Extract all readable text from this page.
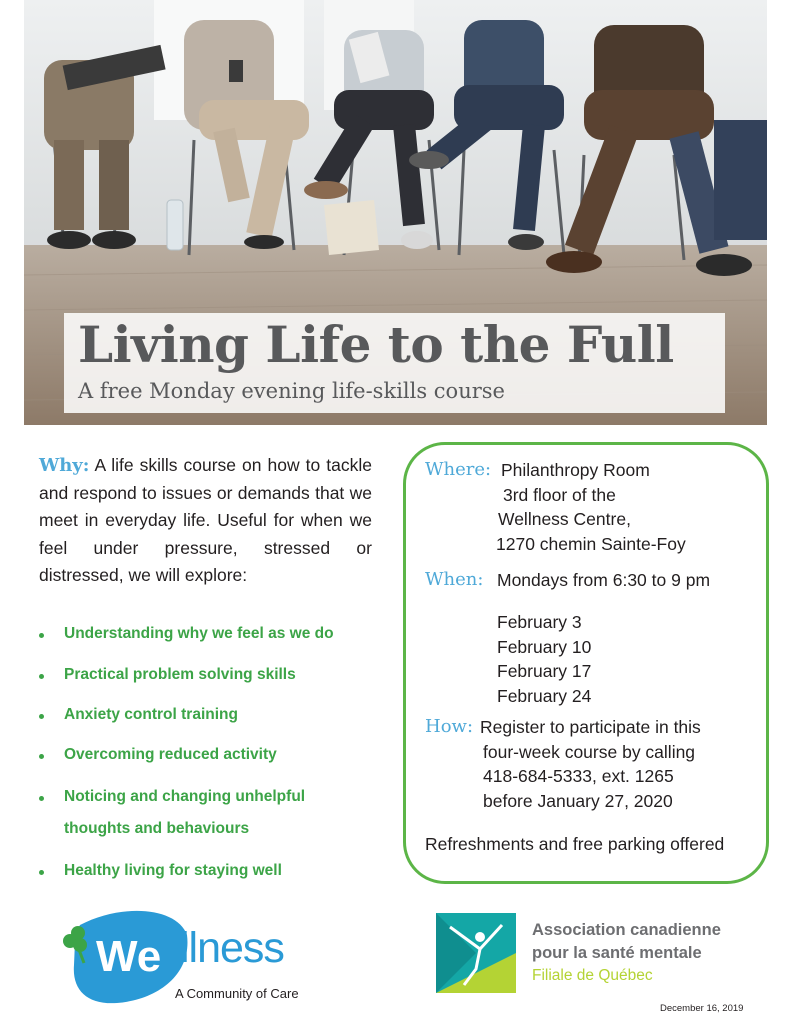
Living Life to the Full
A free Monday evening life-skills course
Why: A life skills course on how to tackle and respond to issues or demands that we meet in everyday life. Useful for when we feel under pressure, stressed or distressed, we will explore:
Understanding why we feel as we do
Practical problem solving skills
Anxiety control training
Overcoming reduced activity
Noticing and changing unhelpful
thoughts and behaviours
Healthy living for staying well
Where: Philanthropy Room
3rd floor of the
Wellness Centre,
1270 chemin Sainte-Foy
When: Mondays from 6:30 to 9 pm
February 3
February 10
February 17
February 24
How: Register to participate in this
four-week course by calling
418-684-5333, ext. 1265
before January 27, 2020
Refreshments and free parking offered
We llness
A Community of Care
Association canadienne
pour la santé mentale
Filiale de Québec
December 16, 2019
